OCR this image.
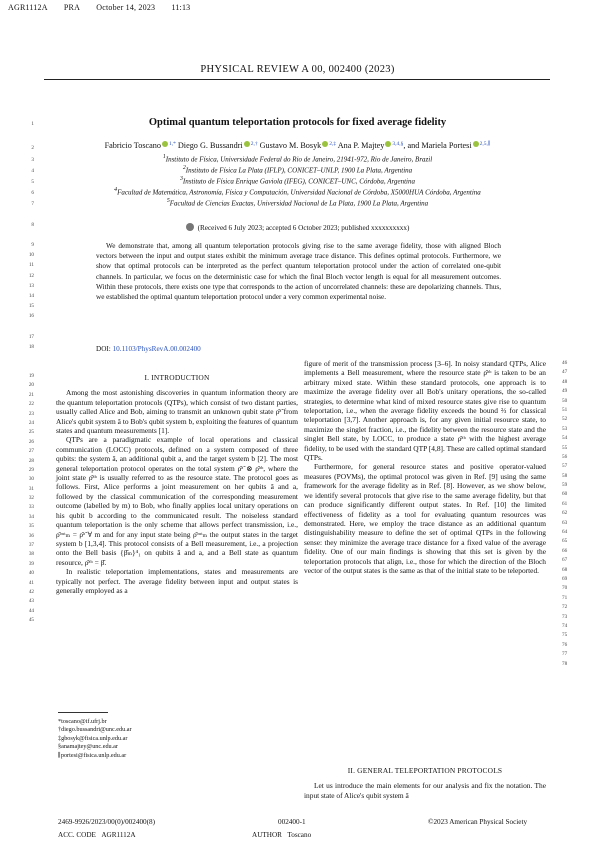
AGR1112A PRA October 14, 2023 11:13
PHYSICAL REVIEW A 00, 002400 (2023)
1
2
3
4
5
6
7
8
9
10
11
12
13
14
15
16
17
18
Optimal quantum teleportation protocols for fixed average fidelity
Fabricio Toscano $^{1,*}$ Diego G. Bussandri $^{2,\dagger}$ Gustavo M. Bosyk $^{2,\ddagger}$ Ana P. Majtey $^{3,4,\S}$, and Mariela Portesi $^{2,5,\parallel}$
$^1$Instituto de Física, Universidade Federal do Rio de Janeiro, 21941-972, Rio de Janeiro, Brazil
$^2$Instituto de Física La Plata (IFLP), CONICET–UNLP, 1900 La Plata, Argentina
$^3$Instituto de Física Enrique Gaviola (IFEG), CONICET–UNC, Córdoba, Argentina
$^4$Facultad de Matemática, Astronomía, Física y Computación, Universidad Nacional de Córdoba, X5000HUA Córdoba, Argentina
$^5$Facultad de Ciencias Exactas, Universidad Nacional de La Plata, 1900 La Plata, Argentina
(Received 6 July 2023; accepted 6 October 2023; published xxxxxxxxxx)
We demonstrate that, among all quantum teleportation protocols giving rise to the same average fidelity, those with aligned Bloch vectors between the input and output states exhibit the minimum average trace distance. This defines optimal protocols. Furthermore, we show that optimal protocols can be interpreted as the perfect quantum teleportation protocol under the action of correlated one-qubit channels. In particular, we focus on the deterministic case for which the final Bloch vector length is equal for all measurement outcomes. Within these protocols, there exists one type that corresponds to the action of uncorrelated channels: these are depolarizing channels. Thus, we established the optimal quantum teleportation protocol under a very common experimental noise.
DOI: 10.1103/PhysRevA.00.002400
19
20
21
22
23
24
25
26
27
28
29
30
31
32
33
34
35
36
37
38
39
40
41
42
43
44
45
46
47
48
49
50
51
52
53
54
55
56
57
58
59
60
61
62
63
64
65
66
67
68
69
70
71
72
73
74
75
76
77
78
I. INTRODUCTION

Among the most astonishing discoveries in quantum information theory are the quantum teleportation protocols (QTPs), which consist of two distant parties, usually called Alice and Bob, aiming to transmit an unknown qubit state ρ̂ᵃ̃ from Alice's qubit system ã to Bob's qubit system b, exploiting the features of quantum states and quantum measurements [1].

QTPs are a paradigmatic example of local operations and classical communication (LOCC) protocols, defined on a system composed of three qubits: the system ã, an additional qubit a, and the target system b [2]. The most general teleportation protocol operates on the total system ρ̂ᵃ̃ ⊗ ρ̂ᵃᵇ, where the joint state ρ̂ᵃᵇ is usually referred to as the resource state. The protocol goes as follows. First, Alice performs a joint measurement on her qubits ã and a, followed by the classical communication of the corresponding measurement outcome (labelled by m) to Bob, who finally applies local unitary operations on his qubit b according to the communicated result. The noiseless standard quantum teleportation is the only scheme that allows perfect transmission, i.e., ρ̂ᵒᵘᵗₘ = ρ̂ᵃ̃ ∀ m and for any input state being ρ̂ᵒᵘᵗₘ the output states in the target system b [1,3,4]. This protocol consists of a Bell measurement, i.e., a projection onto the Bell basis {β̂ₘ}⁴₁ on qubits ã and a, and a Bell state as quantum resource, ρ̂ᵃᵇ = β̂.

In realistic teleportation implementations, states and measurements are typically not perfect. The average fidelity between input and output states is generally employed as a

figure of merit of the transmission process [3–6]. In noisy standard QTPs, Alice implements a Bell measurement, where the resource state ρ̂ᵃᵇ is taken to be an arbitrary mixed state. Within these standard protocols, one approach is to maximize the average fidelity over all Bob's unitary operations, the so-called strategies, to determine what kind of mixed resource states give rise to quantum teleportation, i.e., when the average fidelity exceeds the bound ⅔ for classical teleportation [3,7]. Another approach is, for any given initial resource state, to maximize the singlet fraction, i.e., the fidelity between the resource state and the singlet Bell state, by LOCC, to produce a state ρ̂ᵃᵇ with the highest average fidelity, to be used with the standard QTP [4,8]. These are called optimal standard QTPs.

Furthermore, for general resource states and positive operator-valued measures (POVMs), the optimal protocol was given in Ref. [9] using the same framework for the average fidelity as in Ref. [8]. However, as we show below, we identify several protocols that give rise to the same average fidelity, but that can produce significantly different output states. In Ref. [10] the limited effectiveness of fidelity as a tool for evaluating quantum resources was demonstrated. Here, we employ the trace distance as an additional quantum distinguishability measure to define the set of optimal QTPs in the following sense: they minimize the average trace distance for a fixed value of the average fidelity. One of our main findings is showing that this set is given by the teleportation protocols that align, i.e., those for which the direction of the Bloch vector of the output states is the same as that of the initial state to be teleported.

II. GENERAL TELEPORTATION PROTOCOLS

Let us introduce the main elements for our analysis and fix the notation. The input state of Alice's qubit system ã

*toscano@if.ufrj.br
†diego.bussandri@unc.edu.ar
‡gbosyk@fisica.unlp.edu.ar
§anamajtey@unc.edu.ar
∥portesi@fisica.unlp.edu.ar
2469-9926/2023/00(0)/002400(8)	002400-1	©2023 American Physical Society
ACC. CODE AGR1112A	AUTHOR Toscano
